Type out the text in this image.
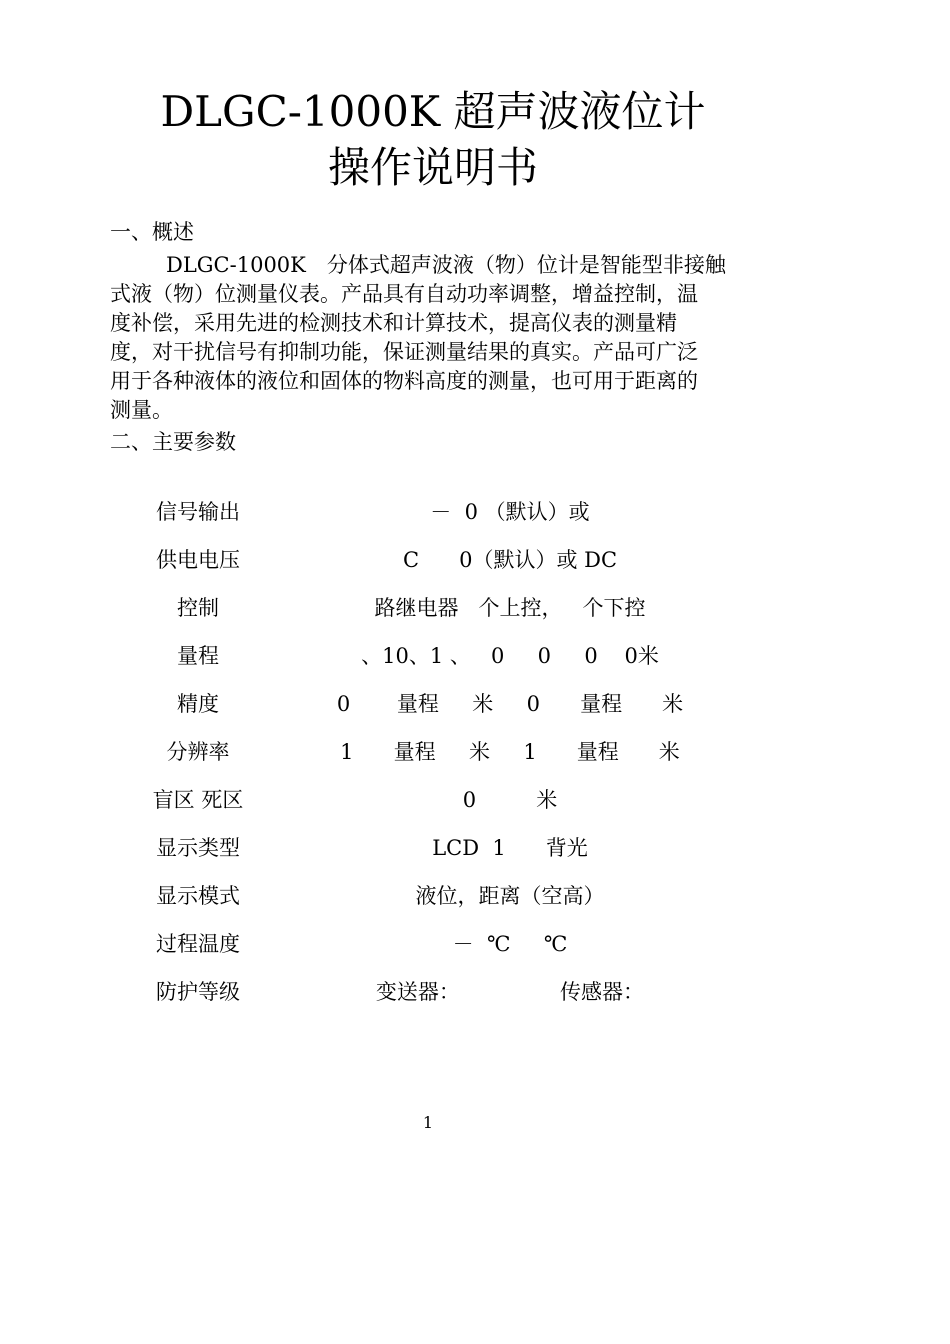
DLGC-1000K 超声波液位计
操作说明书
一、概述
DLGC-1000K　分体式超声波液（物）位计是智能型非接触
式液（物）位测量仪表。产品具有自动功率调整，增益控制，温
度补偿，采用先进的检测技术和计算技术，提高仪表的测量精
度，对干扰信号有抑制功能，保证测量结果的真实。产品可广泛
用于各种液体的液位和固体的物料高度的测量，也可用于距离的
测量。
二、主要参数
信号输出	－  0 （默认）或
供电电压	C      0（默认）或 DC
控制	路继电器   个上控，   个下控
量程	、10、1 、   0     0     0    0米
精度	0       量程     米     0      量程      米
分辨率	1      量程     米     1      量程      米
盲区 死区	0         米
显示类型	LCD  1      背光
显示模式	液位，距离（空高）
过程温度	－  ℃     ℃
防护等级	变送器：               传感器：
1
